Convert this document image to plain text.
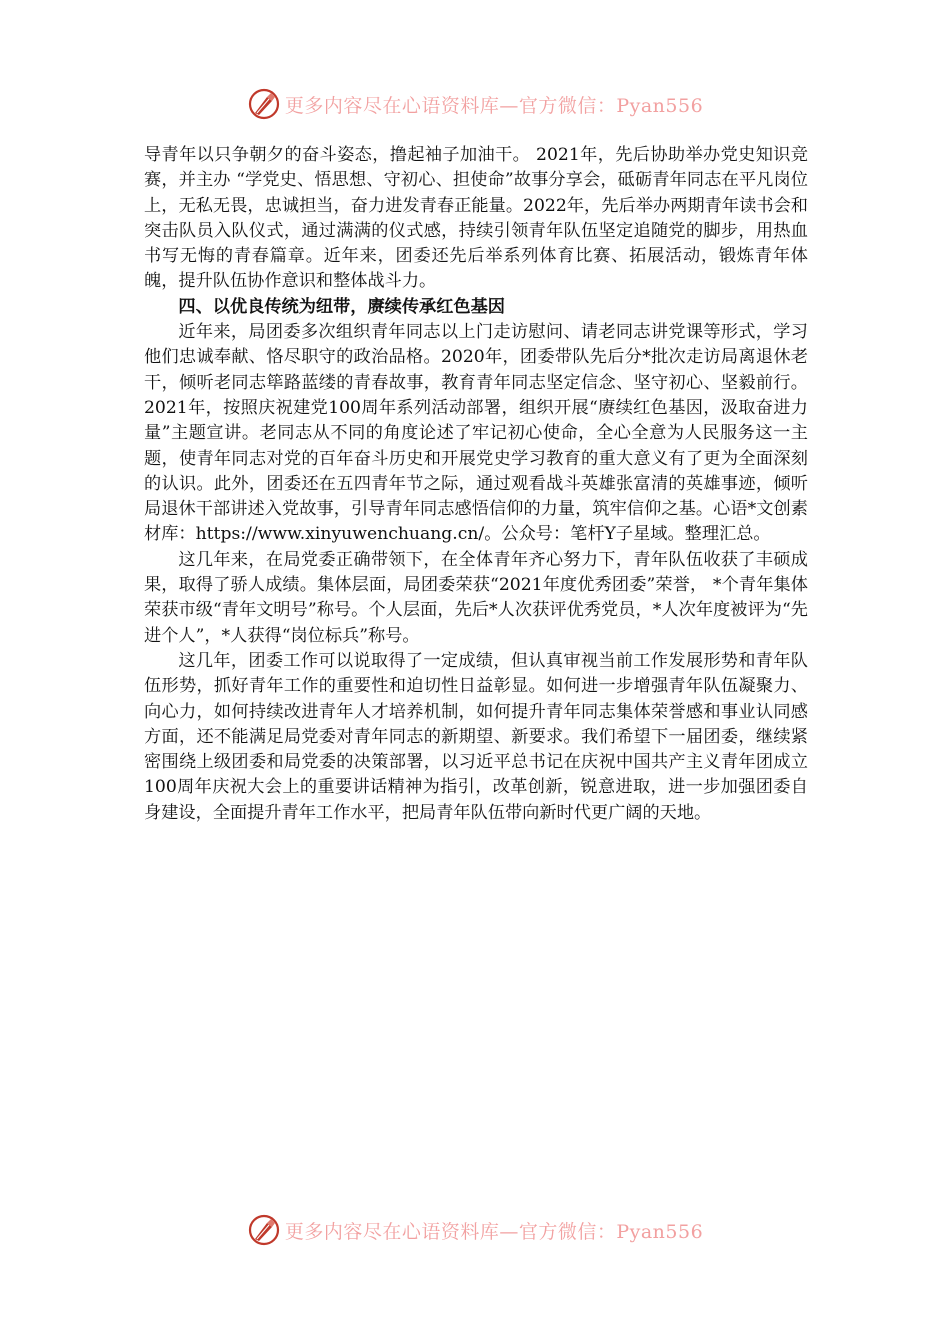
更多内容尽在心语资料库—官方微信：Pyan556

导青年以只争朝夕的奋斗姿态，撸起袖子加油干。 2021年，先后协助举办党史知识竞赛，并主办 “学党史、悟思想、守初心、担使命”故事分享会，砥砺青年同志在平凡岗位上，无私无畏，忠诚担当，奋力进发青春正能量。2022年，先后举办两期青年读书会和突击队员入队仪式，通过满满的仪式感，持续引领青年队伍坚定追随党的脚步，用热血书写无悔的青春篇章。近年来，团委还先后举系列体育比赛、拓展活动，锻炼青年体魄，提升队伍协作意识和整体战斗力。

四、以优良传统为纽带，赓续传承红色基因

近年来，局团委多次组织青年同志以上门走访慰问、请老同志讲党课等形式，学习他们忠诚奉献、恪尽职守的政治品格。2020年，团委带队先后分*批次走访局离退休老干，倾听老同志筚路蓝缕的青春故事，教育青年同志坚定信念、坚守初心、坚毅前行。2021年，按照庆祝建党100周年系列活动部署，组织开展“赓续红色基因，汲取奋进力量”主题宣讲。老同志从不同的角度论述了牢记初心使命，全心全意为人民服务这一主题，使青年同志对党的百年奋斗历史和开展党史学习教育的重大意义有了更为全面深刻的认识。此外，团委还在五四青年节之际，通过观看战斗英雄张富清的英雄事迹，倾听局退休干部讲述入党故事，引导青年同志感悟信仰的力量，筑牢信仰之基。心语*文创素材库：https://www.xinyuwenchuang.cn/。公众号：笔杆Y子星域。整理汇总。

这几年来，在局党委正确带领下，在全体青年齐心努力下，青年队伍收获了丰硕成果，取得了骄人成绩。集体层面，局团委荣获“2021年度优秀团委”荣誉， *个青年集体荣获市级“青年文明号”称号。个人层面，先后*人次获评优秀党员，*人次年度被评为“先进个人”，*人获得“岗位标兵”称号。

这几年，团委工作可以说取得了一定成绩，但认真审视当前工作发展形势和青年队伍形势，抓好青年工作的重要性和迫切性日益彰显。如何进一步增强青年队伍凝聚力、向心力，如何持续改进青年人才培养机制，如何提升青年同志集体荣誉感和事业认同感方面，还不能满足局党委对青年同志的新期望、新要求。我们希望下一届团委，继续紧密围绕上级团委和局党委的决策部署，以习近平总书记在庆祝中国共产主义青年团成立100周年庆祝大会上的重要讲话精神为指引，改革创新，锐意进取，进一步加强团委自身建设，全面提升青年工作水平，把局青年队伍带向新时代更广阔的天地。

更多内容尽在心语资料库—官方微信：Pyan556
